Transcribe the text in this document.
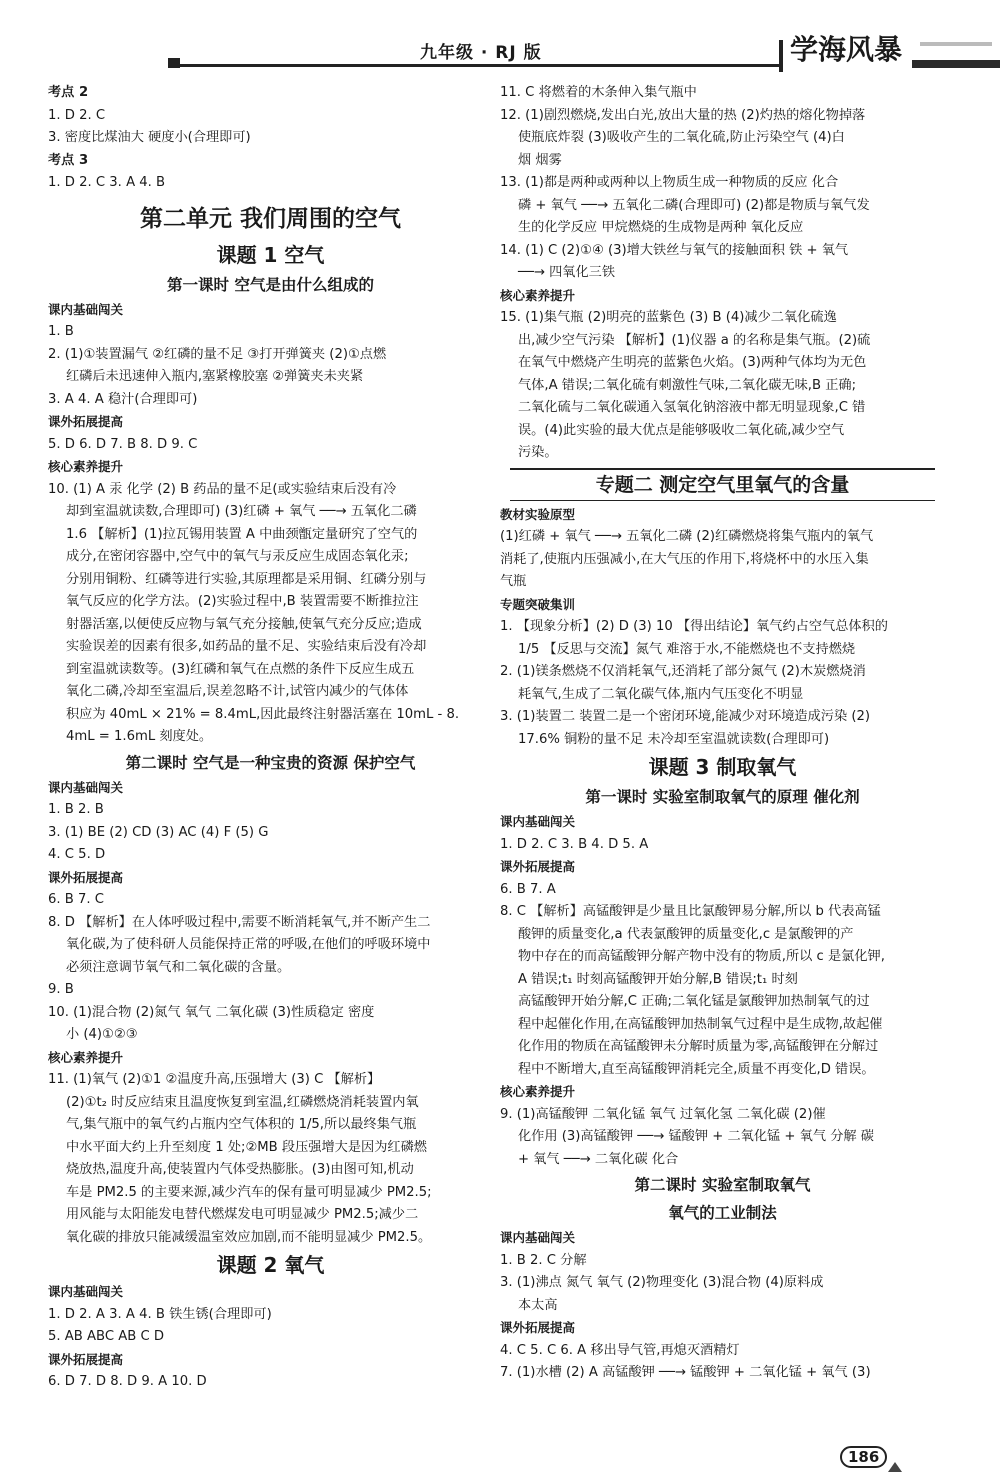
九年级 · RJ 版	学海风暴
考点 2
1. D 2. C
3. 密度比煤油大 硬度小(合理即可)
考点 3
1. D 2. C 3. A 4. B
第二单元 我们周围的空气
课题 1 空气
第一课时 空气是由什么组成的
课内基础闯关
1. B
2. (1)①装置漏气 ②红磷的量不足 ③打开弹簧夹 (2)①点燃
红磷后未迅速伸入瓶内,塞紧橡胶塞 ②弹簧夹未夹紧
3. A 4. A 稳汁(合理即可)
课外拓展提高
5. D 6. D 7. B 8. D 9. C
核心素养提升
10. (1) A 汞 化学 (2) B 药品的量不足(或实验结束后没有冷
却到室温就读数,合理即可) (3)红磷 + 氧气 ──→ 五氧化二磷
1.6 【解析】(1)拉瓦锡用装置 A 中曲颈甑定量研究了空气的
成分,在密闭容器中,空气中的氧气与汞反应生成固态氧化汞;
分别用铜粉、红磷等进行实验,其原理都是采用铜、红磷分别与
氧气反应的化学方法。(2)实验过程中,B 装置需要不断推拉注
射器活塞,以便使反应物与氧气充分接触,使氧气充分反应;造成
实验误差的因素有很多,如药品的量不足、实验结束后没有冷却
到室温就读数等。(3)红磷和氧气在点燃的条件下反应生成五
氧化二磷,冷却至室温后,误差忽略不计,试管内减少的气体体
积应为 40mL × 21% = 8.4mL,因此最终注射器活塞在 10mL - 8.
4mL = 1.6mL 刻度处。
第二课时 空气是一种宝贵的资源 保护空气
课内基础闯关
1. B 2. B
3. (1) BE (2) CD (3) AC (4) F (5) G
4. C 5. D
课外拓展提高
6. B 7. C
8. D 【解析】在人体呼吸过程中,需要不断消耗氧气,并不断产生二
氧化碳,为了使科研人员能保持正常的呼吸,在他们的呼吸环境中
必须注意调节氧气和二氧化碳的含量。
9. B
10. (1)混合物 (2)氮气 氧气 二氧化碳 (3)性质稳定 密度
小 (4)①②③
核心素养提升
11. (1)氧气 (2)①1 ②温度升高,压强增大 (3) C 【解析】
(2)①t₂ 时反应结束且温度恢复到室温,红磷燃烧消耗装置内氧
气,集气瓶中的氧气约占瓶内空气体积的 1/5,所以最终集气瓶
中水平面大约上升至刻度 1 处;②MB 段压强增大是因为红磷燃
烧放热,温度升高,使装置内气体受热膨胀。(3)由图可知,机动
车是 PM2.5 的主要来源,减少汽车的保有量可明显减少 PM2.5;
用风能与太阳能发电替代燃煤发电可明显减少 PM2.5;减少二
氧化碳的排放只能减缓温室效应加剧,而不能明显减少 PM2.5。
课题 2 氧气
课内基础闯关
1. D 2. A 3. A 4. B 铁生锈(合理即可)
5. AB ABC AB C D
课外拓展提高
6. D 7. D 8. D 9. A 10. D
11. C 将燃着的木条伸入集气瓶中
12. (1)剧烈燃烧,发出白光,放出大量的热 (2)灼热的熔化物掉落
使瓶底炸裂 (3)吸收产生的二氧化硫,防止污染空气 (4)白
烟 烟雾
13. (1)都是两种或两种以上物质生成一种物质的反应 化合
磷 + 氧气 ──→ 五氧化二磷(合理即可) (2)都是物质与氧气发
生的化学反应 甲烷燃烧的生成物是两种 氧化反应
14. (1) C (2)①④ (3)增大铁丝与氧气的接触面积 铁 + 氧气
──→ 四氧化三铁
核心素养提升
15. (1)集气瓶 (2)明亮的蓝紫色 (3) B (4)减少二氧化硫逸
出,减少空气污染 【解析】(1)仪器 a 的名称是集气瓶。(2)硫
在氧气中燃烧产生明亮的蓝紫色火焰。(3)两种气体均为无色
气体,A 错误;二氧化硫有刺激性气味,二氧化碳无味,B 正确;
二氧化硫与二氧化碳通入氢氧化钠溶液中都无明显现象,C 错
误。(4)此实验的最大优点是能够吸收二氧化硫,减少空气
污染。
专题二 测定空气里氧气的含量
教材实验原型
(1)红磷 + 氧气 ──→ 五氧化二磷 (2)红磷燃烧将集气瓶内的氧气
消耗了,使瓶内压强减小,在大气压的作用下,将烧杯中的水压入集
气瓶
专题突破集训
1. 【现象分析】(2) D (3) 10 【得出结论】氧气约占空气总体积的
1/5 【反思与交流】氮气 难溶于水,不能燃烧也不支持燃烧
2. (1)镁条燃烧不仅消耗氧气,还消耗了部分氮气 (2)木炭燃烧消
耗氧气,生成了二氧化碳气体,瓶内气压变化不明显
3. (1)装置二 装置二是一个密闭环境,能减少对环境造成污染 (2)
17.6% 铜粉的量不足 未冷却至室温就读数(合理即可)
课题 3 制取氧气
第一课时 实验室制取氧气的原理 催化剂
课内基础闯关
1. D 2. C 3. B 4. D 5. A
课外拓展提高
6. B 7. A
8. C 【解析】高锰酸钾是少量且比氯酸钾易分解,所以 b 代表高锰
酸钾的质量变化,a 代表氯酸钾的质量变化,c 是氯酸钾的产
物中存在的而高锰酸钾分解产物中没有的物质,所以 c 是氯化钾,
A 错误;t₁ 时刻高锰酸钾开始分解,B 错误;t₁ 时刻
高锰酸钾开始分解,C 正确;二氧化锰是氯酸钾加热制氧气的过
程中起催化作用,在高锰酸钾加热制氧气过程中是生成物,故起催
化作用的物质在高锰酸钾未分解时质量为零,高锰酸钾在分解过
程中不断增大,直至高锰酸钾消耗完全,质量不再变化,D 错误。
核心素养提升
9. (1)高锰酸钾 二氧化锰 氧气 过氧化氢 二氧化碳 (2)催
化作用 (3)高锰酸钾 ──→ 锰酸钾 + 二氧化锰 + 氧气 分解 碳
+ 氧气 ──→ 二氧化碳 化合
第二课时 实验室制取氧气
氧气的工业制法
课内基础闯关
1. B 2. C 分解
3. (1)沸点 氮气 氧气 (2)物理变化 (3)混合物 (4)原料成
本太高
课外拓展提高
4. C 5. C 6. A 移出导气管,再熄灭酒精灯
7. (1)水槽 (2) A 高锰酸钾 ──→ 锰酸钾 + 二氧化锰 + 氧气 (3)
186
